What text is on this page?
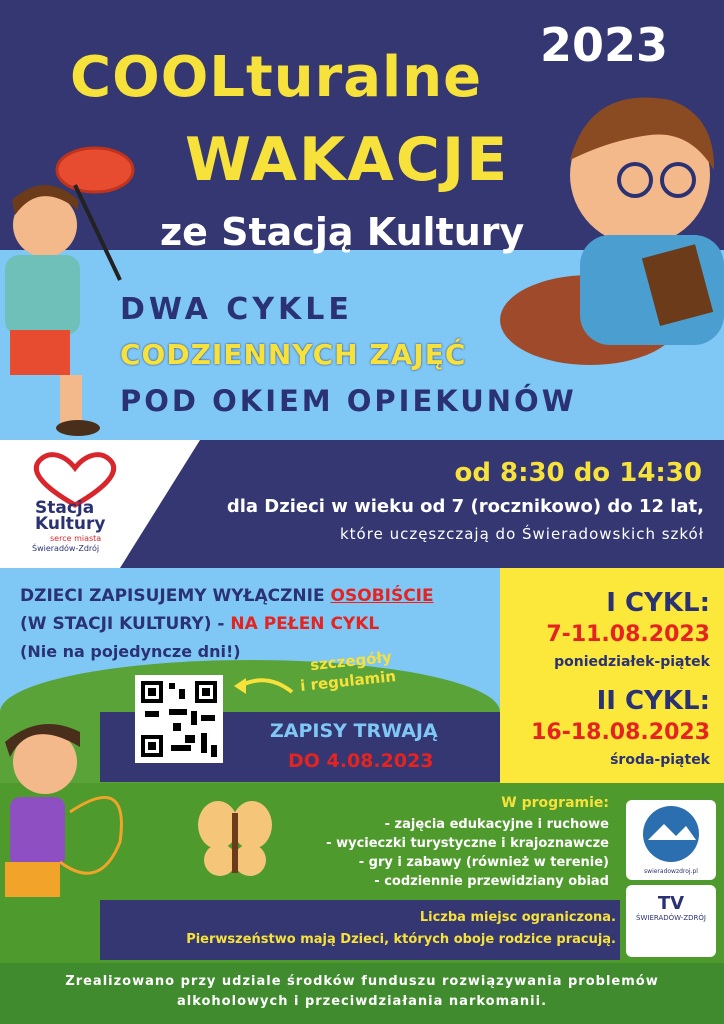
2023
COOLturalne
WAKACJE
ze Stacją Kultury
DWA CYKLE
CODZIENNYCH ZAJĘĆ
POD OKIEM OPIEKUNÓW
Stacja
Kultury
serce miasta
Świeradów-Zdrój
od 8:30 do 14:30
dla Dzieci w wieku od 7 (rocznikowo) do 12 lat,
które uczęszczają do Świeradowskich szkół
DZIECI ZAPISUJEMY WYŁĄCZNIE OSOBIŚCIE
(W STACJI KULTURY) - NA PEŁEN CYKL
(Nie na pojedyncze dni!)	szczegóły
i regulamin
ZAPISY TRWAJĄ
DO 4.08.2023
I CYKL:
7-11.08.2023
poniedziałek-piątek
II CYKL:
16-18.08.2023
środa-piątek
W programie:
- zajęcia edukacyjne i ruchowe
- wycieczki turystyczne i krajoznawcze
- gry i zabawy (również w terenie)
- codziennie przewidziany obiad
Liczba miejsc ograniczona.
Pierwszeństwo mają Dzieci, których oboje rodzice pracują.
swieradowzdroj.pl
TV
ŚWIERADÓW-ZDRÓJ
Zrealizowano przy udziale środków funduszu rozwiązywania problemów
alkoholowych i przeciwdziałania narkomanii.
